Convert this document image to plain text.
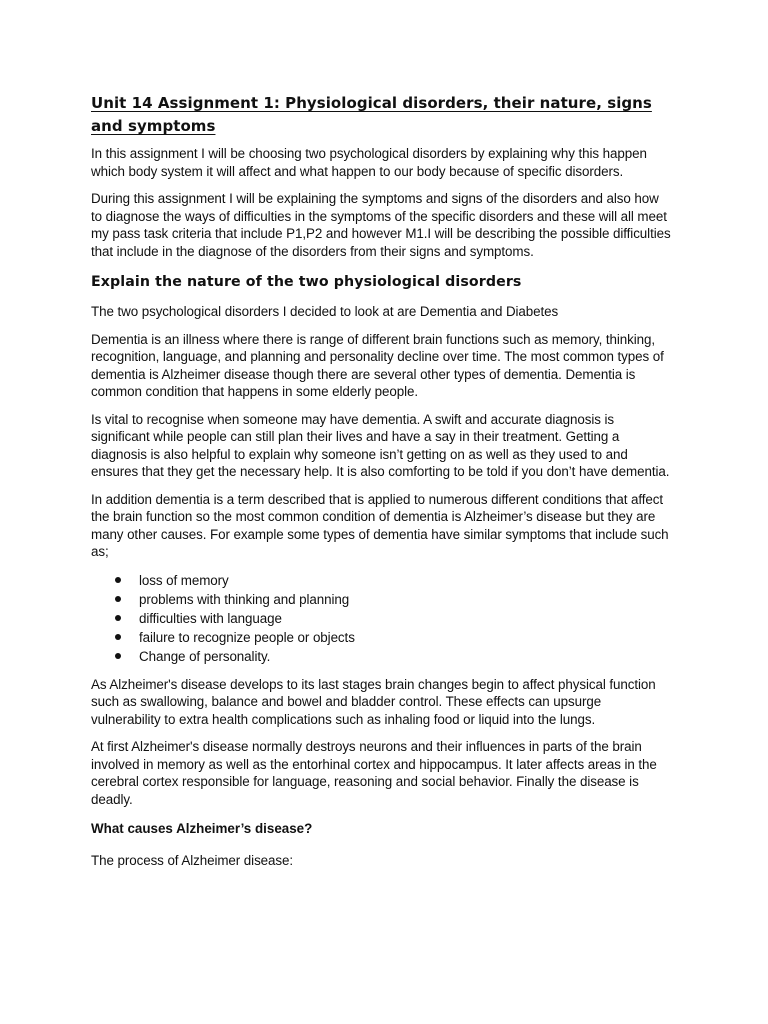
Unit 14 Assignment 1: Physiological disorders, their nature, signs and symptoms

In this assignment I will be choosing two psychological disorders by explaining why this happen which body system it will affect and what happen to our body because of specific disorders.

During this assignment I will be explaining the symptoms and signs of the disorders and also how to diagnose the ways of difficulties in the symptoms of the specific disorders and these will all meet my pass task criteria that include P1,P2 and however M1.I will be describing the possible difficulties that include in the diagnose of the disorders from their signs and symptoms.

Explain the nature of the two physiological disorders

The two psychological disorders I decided to look at are Dementia and Diabetes

Dementia is an illness where there is range of different brain functions such as memory, thinking, recognition, language, and planning and personality decline over time. The most common types of dementia is Alzheimer disease though there are several other types of dementia. Dementia is common condition that happens in some elderly people.

Is vital to recognise when someone may have dementia. A swift and accurate diagnosis is significant while people can still plan their lives and have a say in their treatment. Getting a diagnosis is also helpful to explain why someone isn’t getting on as well as they used to and ensures that they get the necessary help. It is also comforting to be told if you don’t have dementia.

In addition dementia is a term described that is applied to numerous different conditions that affect the brain function so the most common condition of dementia is Alzheimer’s disease but they are many other causes. For example some types of dementia have similar symptoms that include such as;

loss of memory
problems with thinking and planning
difficulties with language
failure to recognize people or objects
Change of personality.

As Alzheimer's disease develops to its last stages brain changes begin to affect physical function such as swallowing, balance and bowel and bladder control. These effects can upsurge vulnerability to extra health complications such as inhaling food or liquid into the lungs.

At first Alzheimer's disease normally destroys neurons and their influences in parts of the brain involved in memory as well as the entorhinal cortex and hippocampus. It later affects areas in the cerebral cortex responsible for language, reasoning and social behavior. Finally the disease is deadly.

What causes Alzheimer’s disease?

The process of Alzheimer disease:
